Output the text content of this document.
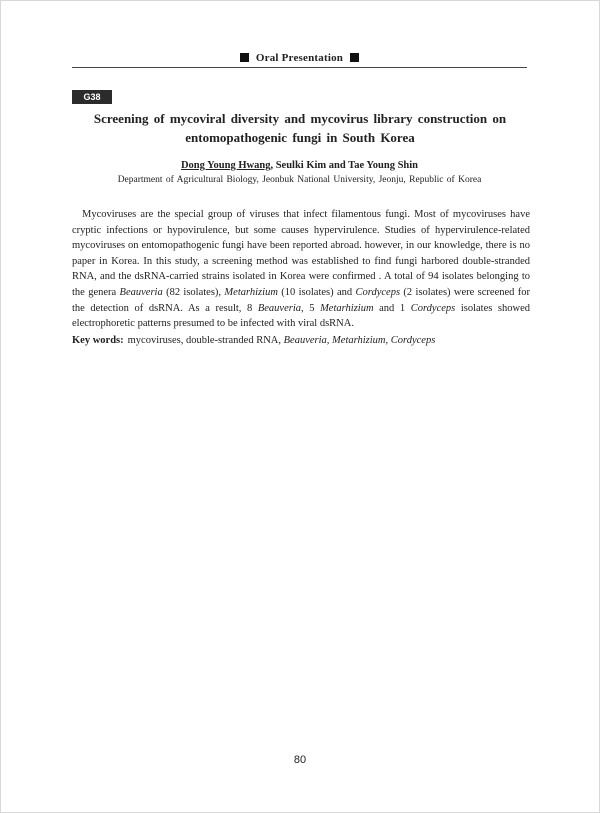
Oral Presentation
G38
Screening of mycoviral diversity and mycovirus library construction on
entomopathogenic fungi in South Korea
Dong Young Hwang, Seulki Kim and Tae Young Shin
Department of Agricultural Biology, Jeonbuk National University, Jeonju, Republic of Korea

Mycoviruses are the special group of viruses that infect filamentous fungi. Most of mycoviruses have cryptic infections or hypovirulence, but some causes hypervirulence. Studies of hypervirulence-related mycoviruses on entomopathogenic fungi have been reported abroad. however, in our knowledge, there is no paper in Korea. In this study, a screening method was established to find fungi harbored double-stranded RNA, and the dsRNA-carried strains isolated in Korea were confirmed . A total of 94 isolates belonging to the genera Beauveria (82 isolates), Metarhizium (10 isolates) and Cordyceps (2 isolates) were screened for the detection of dsRNA. As a result, 8 Beauveria, 5 Metarhizium and 1 Cordyceps isolates showed electrophoretic patterns presumed to be infected with viral dsRNA.

Key words: mycoviruses, double-stranded RNA, Beauveria, Metarhizium, Cordyceps
80
